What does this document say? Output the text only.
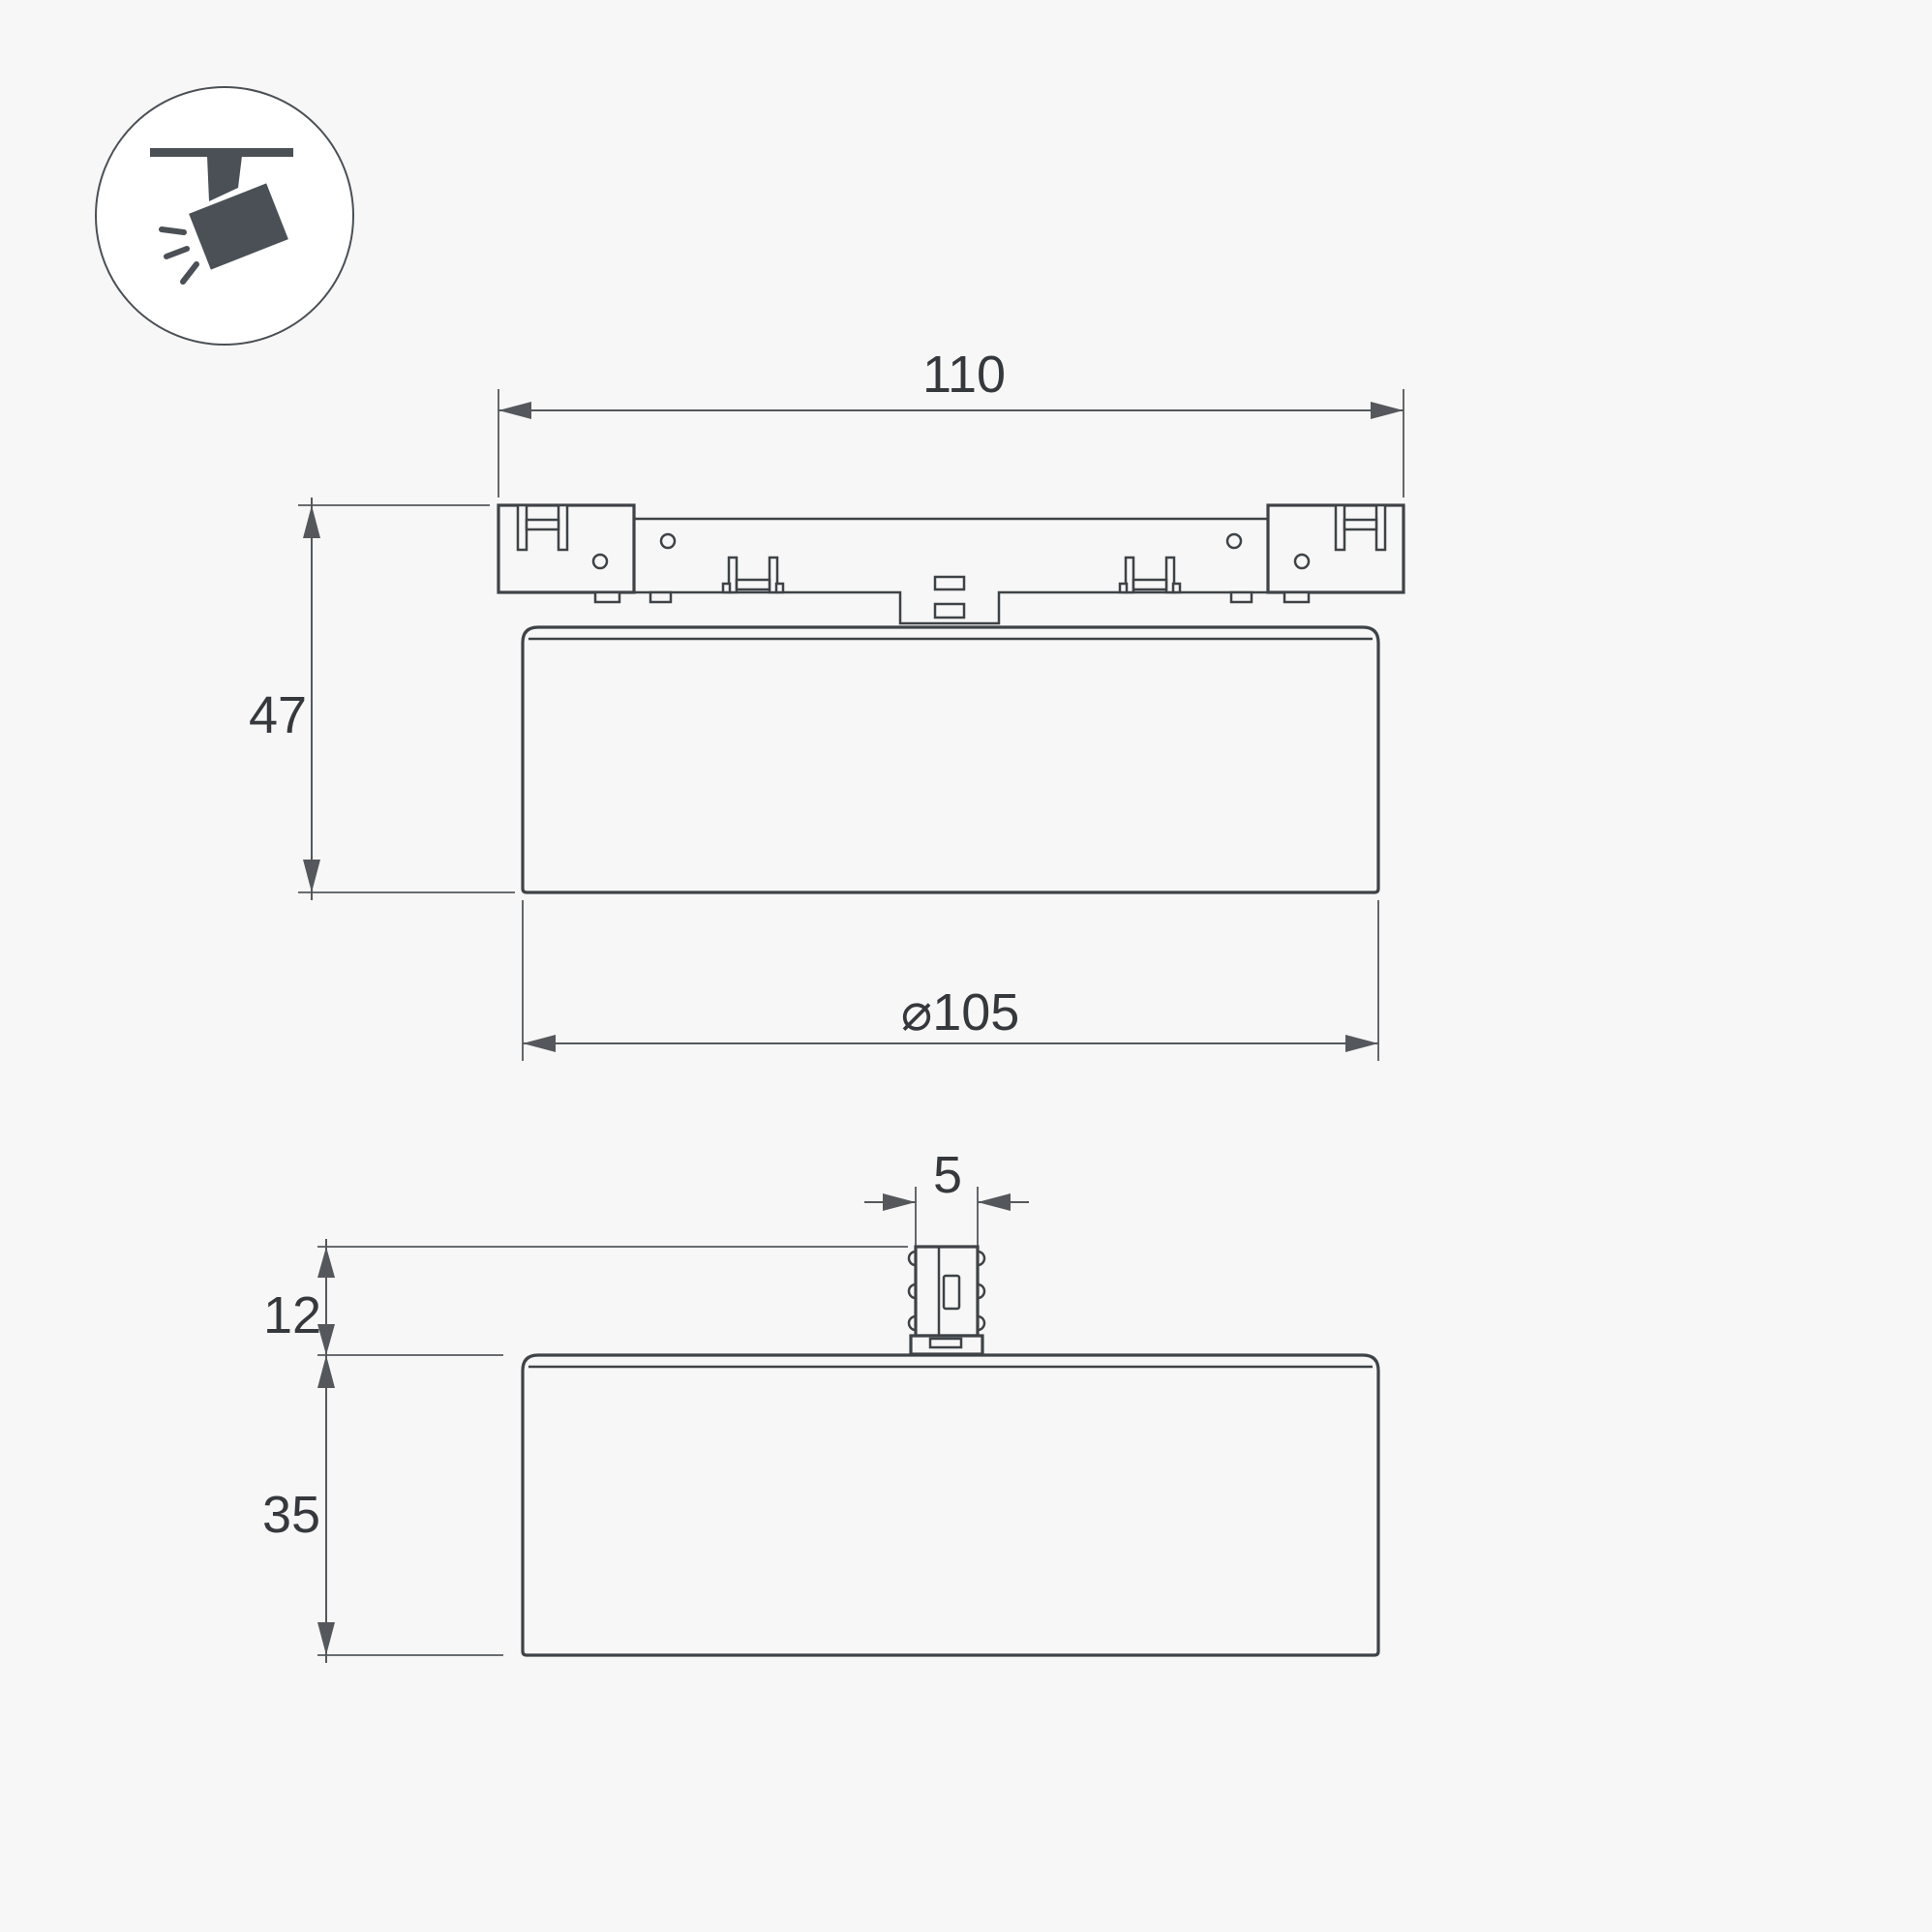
110
47
⌀105
5
12
35
